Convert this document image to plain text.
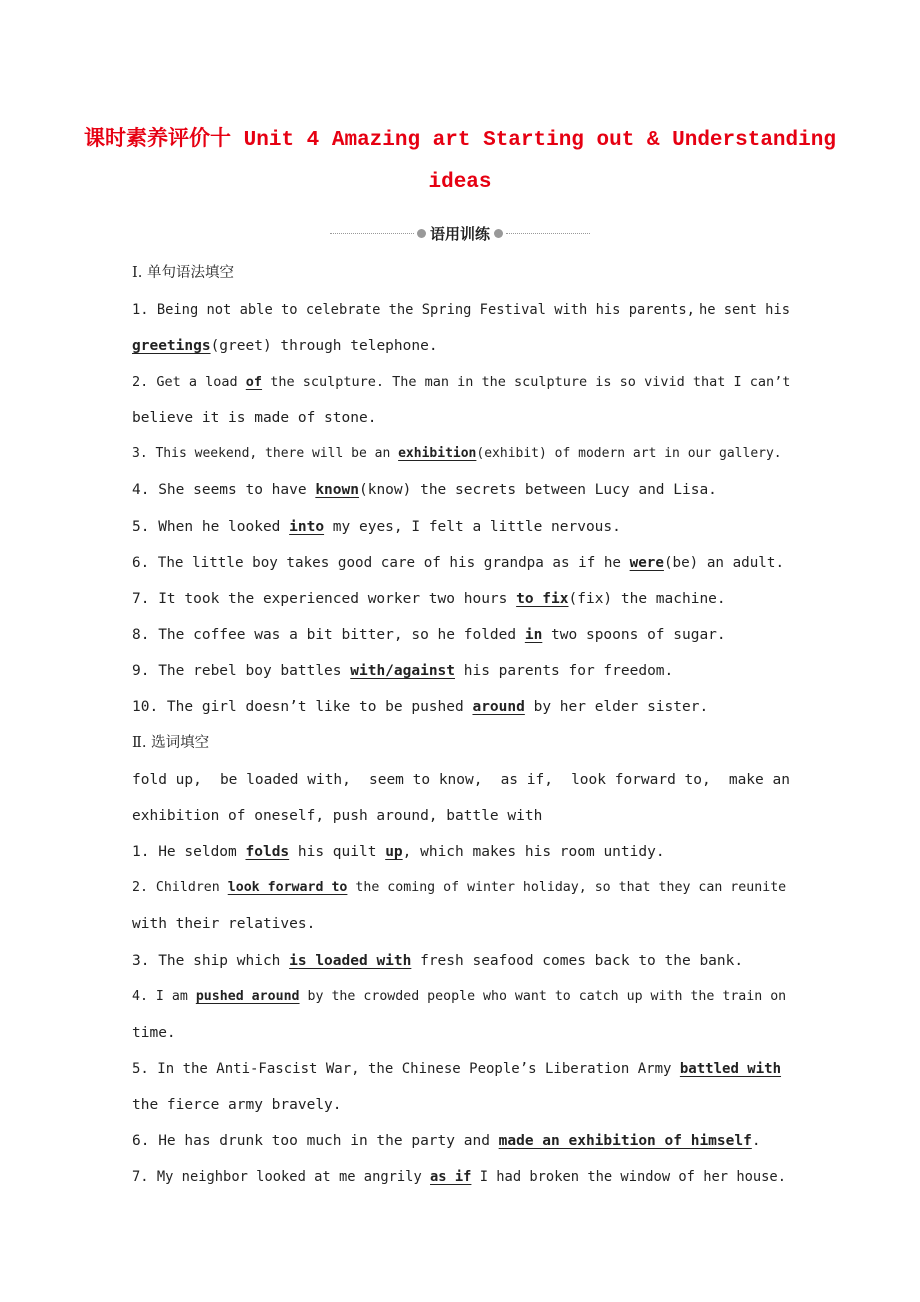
课时素养评价十 Unit 4 Amazing art Starting out & Understanding
ideas
语用训练
Ⅰ. 单句语法填空
1. Being not able to celebrate the Spring Festival with his parents, he sent his
greetings(greet) through telephone.
2. Get a load of the sculpture. The man in the sculpture is so vivid that I can’t
believe it is made of stone.
3. This weekend, there will be an exhibition(exhibit) of modern art in our gallery.
4. She seems to have known(know) the secrets between Lucy and Lisa.
5. When he looked into my eyes, I felt a little nervous.
6. The little boy takes good care of his grandpa as if he were(be) an adult.
7. It took the experienced worker two hours to fix(fix) the machine.
8. The coffee was a bit bitter, so he folded in two spoons of sugar.
9. The rebel boy battles with/against his parents for freedom.
10. The girl doesn’t like to be pushed around by her elder sister.
Ⅱ. 选词填空
fold up, be loaded with, seem to know, as if, look forward to, make an
exhibition of oneself, push around, battle with
1. He seldom folds his quilt up, which makes his room untidy.
2. Children look forward to the coming of winter holiday, so that they can reunite
with their relatives.
3. The ship which is loaded with fresh seafood comes back to the bank.
4. I am pushed around by the crowded people who want to catch up with the train on
time.
5. In the Anti-Fascist War, the Chinese People’s Liberation Army battled with
the fierce army bravely.
6. He has drunk too much in the party and made an exhibition of himself.
7. My neighbor looked at me angrily as if I had broken the window of her house.
